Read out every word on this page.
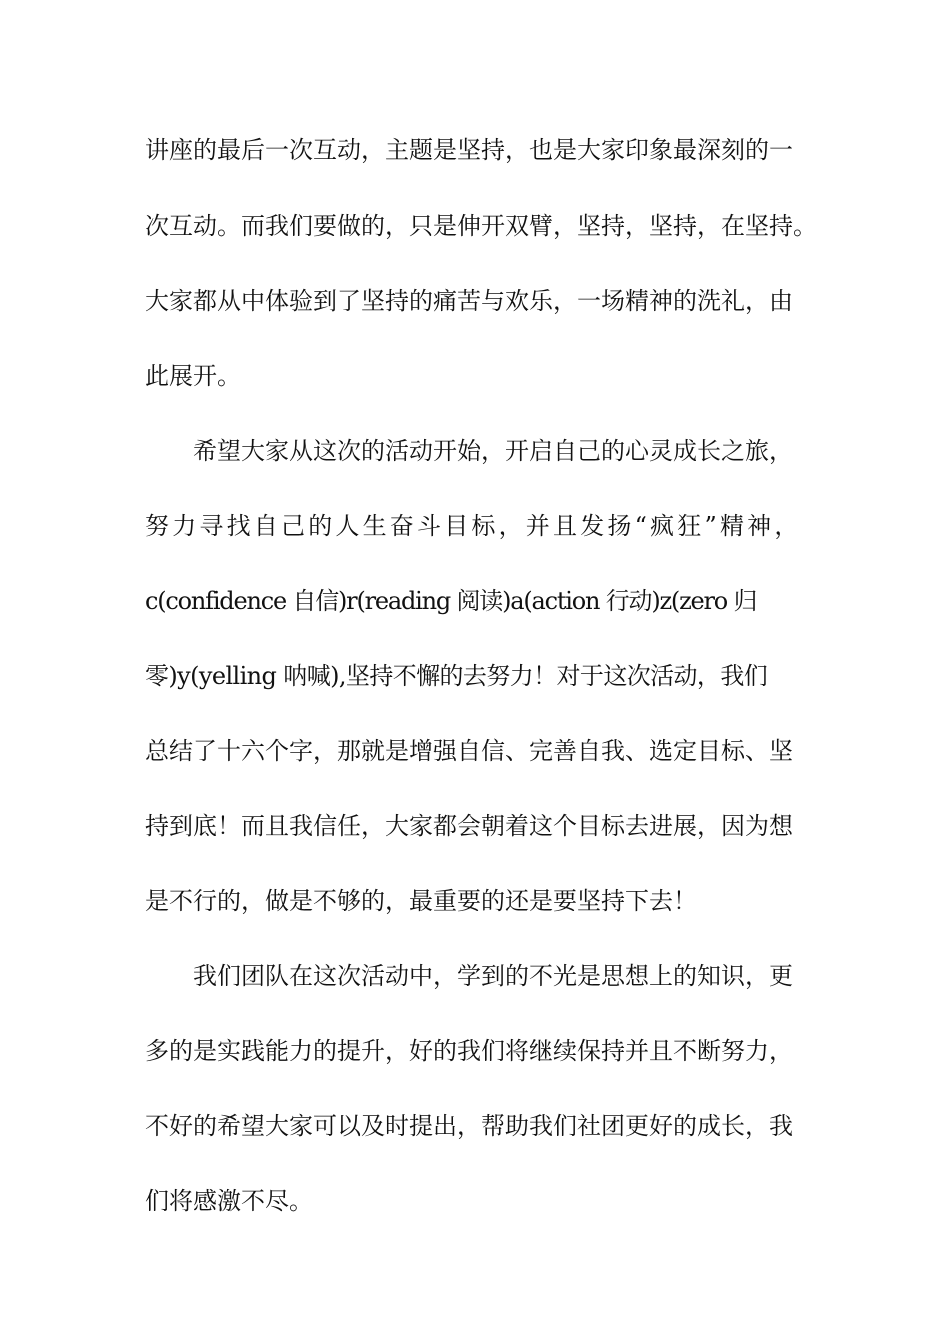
讲座的最后一次互动，主题是坚持，也是大家印象最深刻的一
次互动。而我们要做的，只是伸开双臂，坚持，坚持，在坚持。
大家都从中体验到了坚持的痛苦与欢乐，一场精神的洗礼，由
此展开。
希望大家从这次的活动开始，开启自己的心灵成长之旅，
努力寻找自己的人生奋斗目标，并且发扬“疯狂”精神，
c(confidence 自信)r(reading 阅读)a(action 行动)z(zero 归
零)y(yelling 呐喊),坚持不懈的去努力！对于这次活动，我们
总结了十六个字，那就是增强自信、完善自我、选定目标、坚
持到底！而且我信任，大家都会朝着这个目标去进展，因为想
是不行的，做是不够的，最重要的还是要坚持下去！
我们团队在这次活动中，学到的不光是思想上的知识，更
多的是实践能力的提升，好的我们将继续保持并且不断努力，
不好的希望大家可以及时提出，帮助我们社团更好的成长，我
们将感激不尽。
